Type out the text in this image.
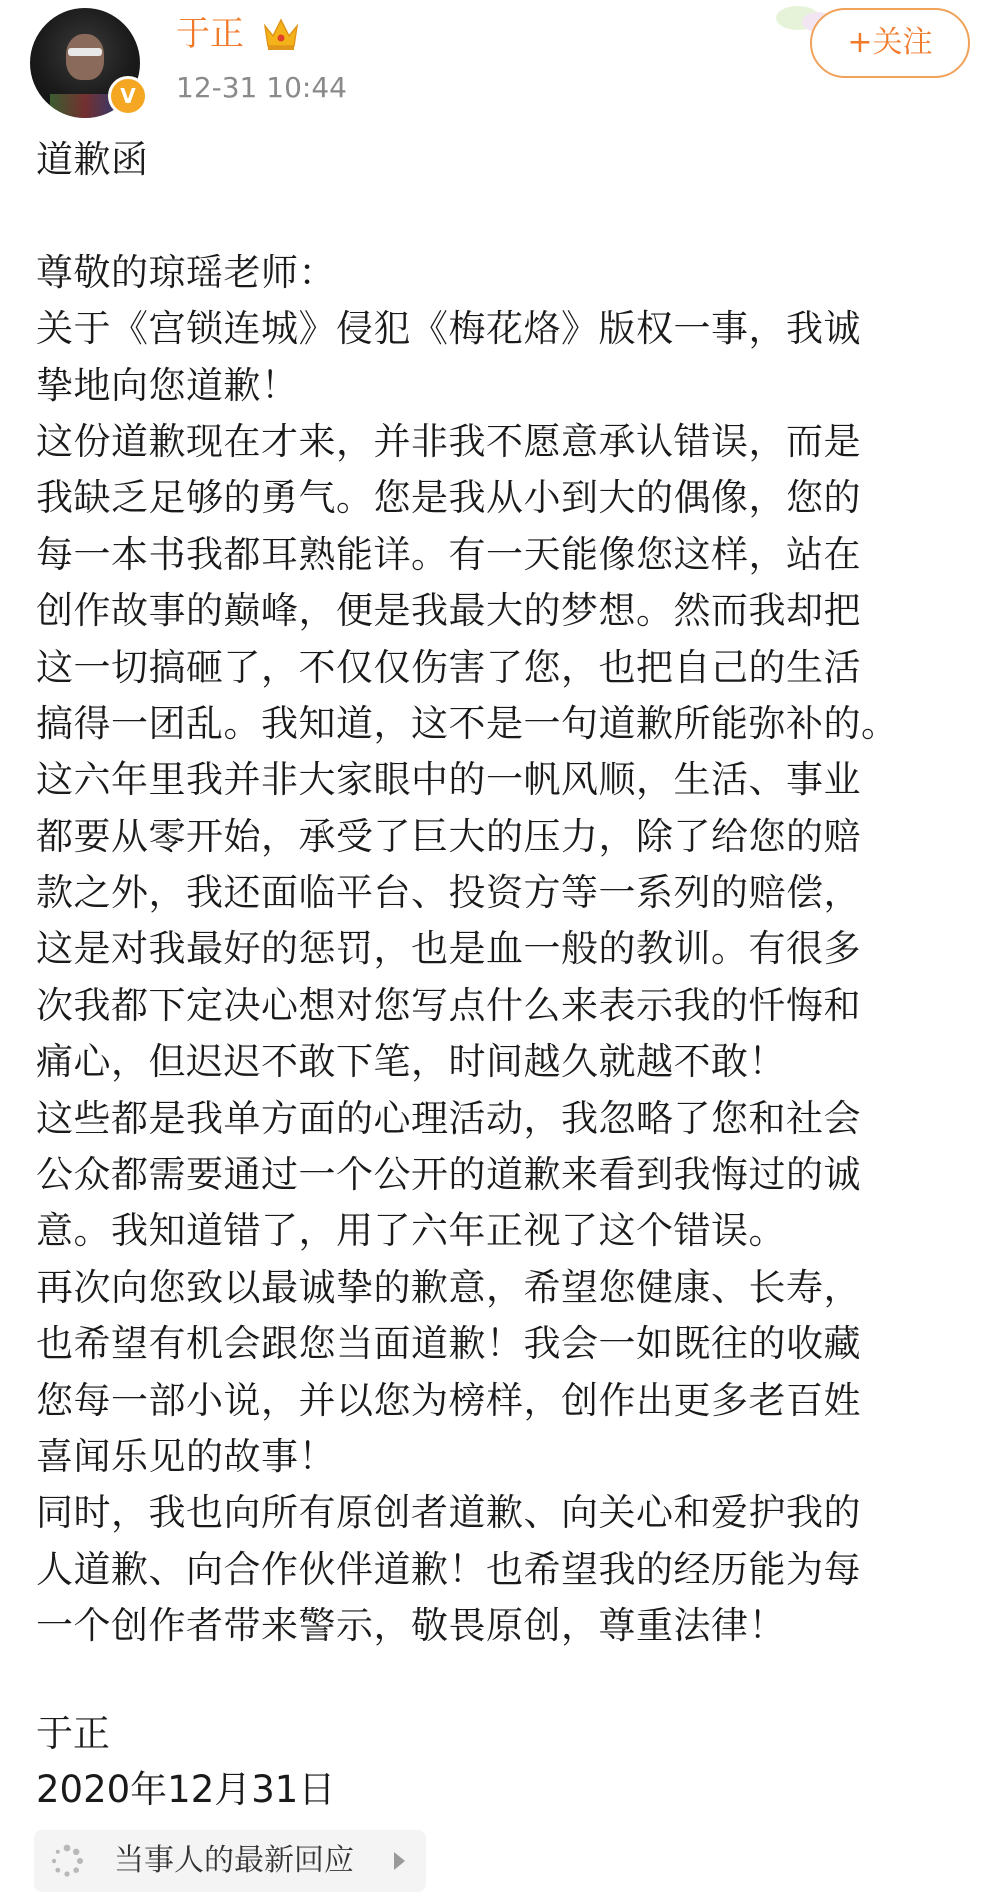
V
于正
12-31 10:44
+关注
道歉函
尊敬的琼瑶老师：
关于《宫锁连城》侵犯《梅花烙》版权一事，我诚
挚地向您道歉！
这份道歉现在才来，并非我不愿意承认错误，而是
我缺乏足够的勇气。您是我从小到大的偶像，您的
每一本书我都耳熟能详。有一天能像您这样，站在
创作故事的巅峰，便是我最大的梦想。然而我却把
这一切搞砸了，不仅仅伤害了您，也把自己的生活
搞得一团乱。我知道，这不是一句道歉所能弥补的。
这六年里我并非大家眼中的一帆风顺，生活、事业
都要从零开始，承受了巨大的压力，除了给您的赔
款之外，我还面临平台、投资方等一系列的赔偿，
这是对我最好的惩罚，也是血一般的教训。有很多
次我都下定决心想对您写点什么来表示我的忏悔和
痛心，但迟迟不敢下笔，时间越久就越不敢！
这些都是我单方面的心理活动，我忽略了您和社会
公众都需要通过一个公开的道歉来看到我悔过的诚
意。我知道错了，用了六年正视了这个错误。
再次向您致以最诚挚的歉意，希望您健康、长寿，
也希望有机会跟您当面道歉！我会一如既往的收藏
您每一部小说，并以您为榜样，创作出更多老百姓
喜闻乐见的故事！
同时，我也向所有原创者道歉、向关心和爱护我的
人道歉、向合作伙伴道歉！也希望我的经历能为每
一个创作者带来警示，敬畏原创，尊重法律！
于正
2020年12月31日
当事人的最新回应
